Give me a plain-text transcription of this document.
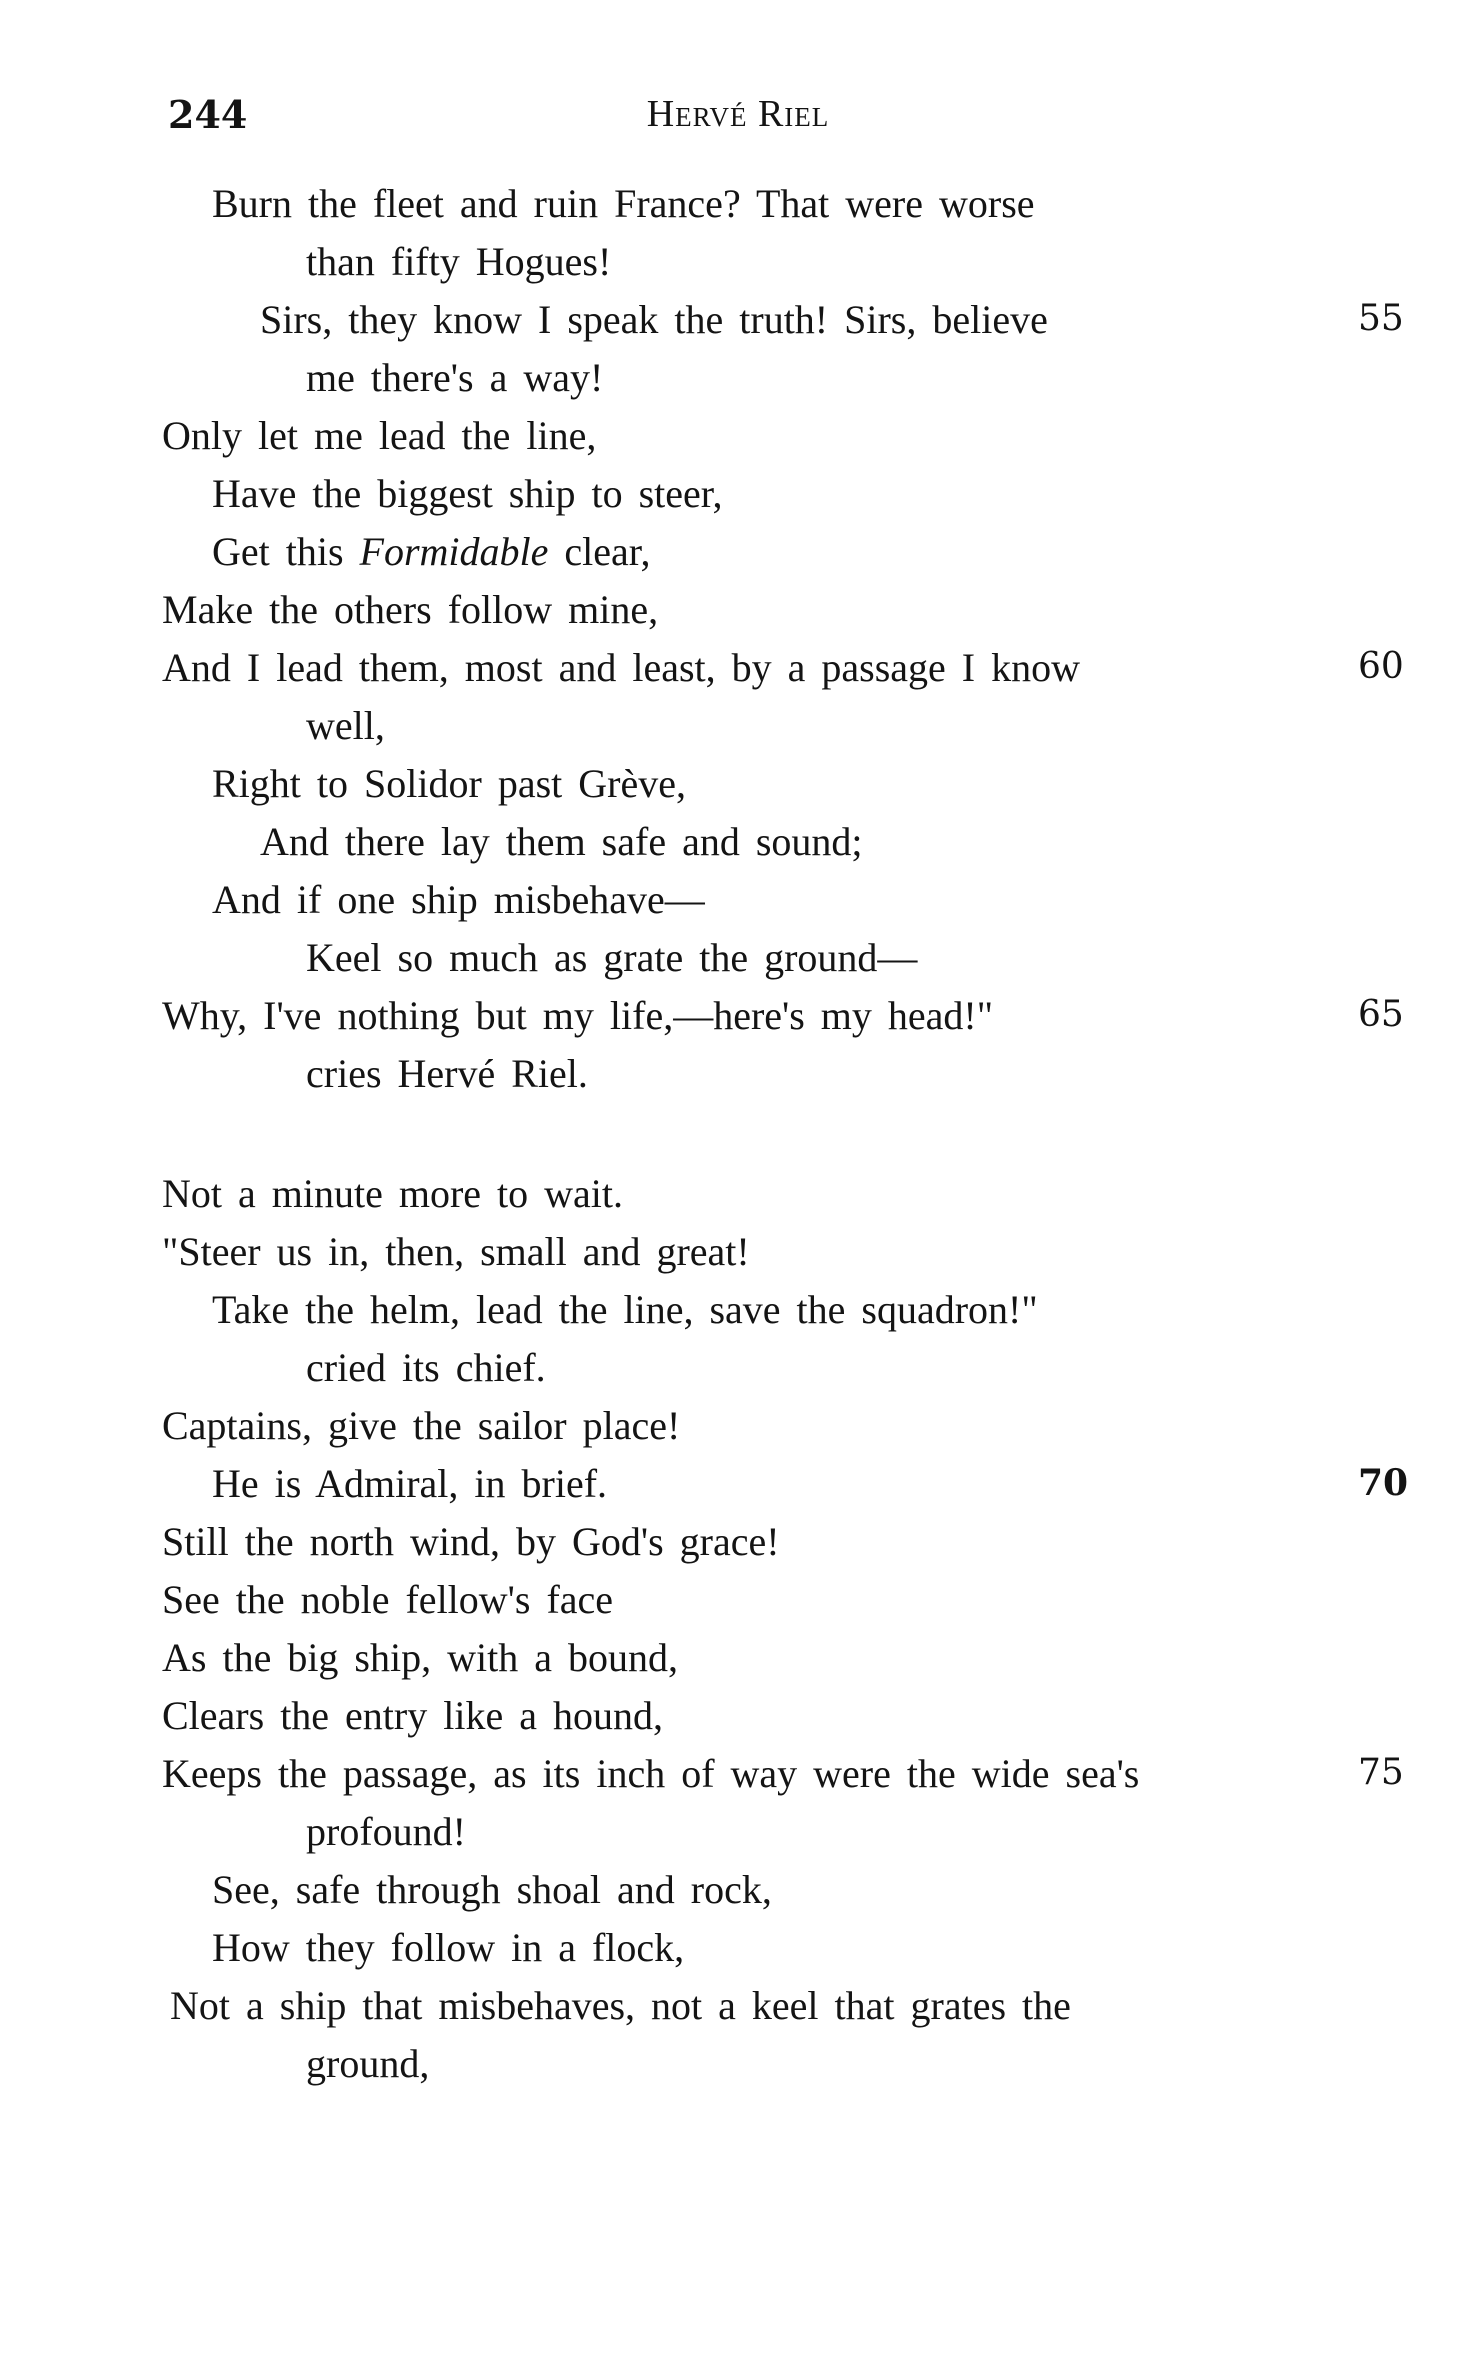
244	Hervé Riel
Burn the fleet and ruin France? That were worse
than fifty Hogues!
Sirs, they know I speak the truth! Sirs, believe	55
me there's a way!
Only let me lead the line,
Have the biggest ship to steer,
Get this Formidable clear,
Make the others follow mine,
And I lead them, most and least, by a passage I know	60
well,
Right to Solidor past Grève,
And there lay them safe and sound;
And if one ship misbehave—
Keel so much as grate the ground—
Why, I've nothing but my life,—here's my head!"	65
cries Hervé Riel.
Not a minute more to wait.
"Steer us in, then, small and great!
Take the helm, lead the line, save the squadron!"
cried its chief.
Captains, give the sailor place!
He is Admiral, in brief.	70
Still the north wind, by God's grace!
See the noble fellow's face
As the big ship, with a bound,
Clears the entry like a hound,
Keeps the passage, as its inch of way were the wide sea's	75
profound!
See, safe through shoal and rock,
How they follow in a flock,
Not a ship that misbehaves, not a keel that grates the
ground,
